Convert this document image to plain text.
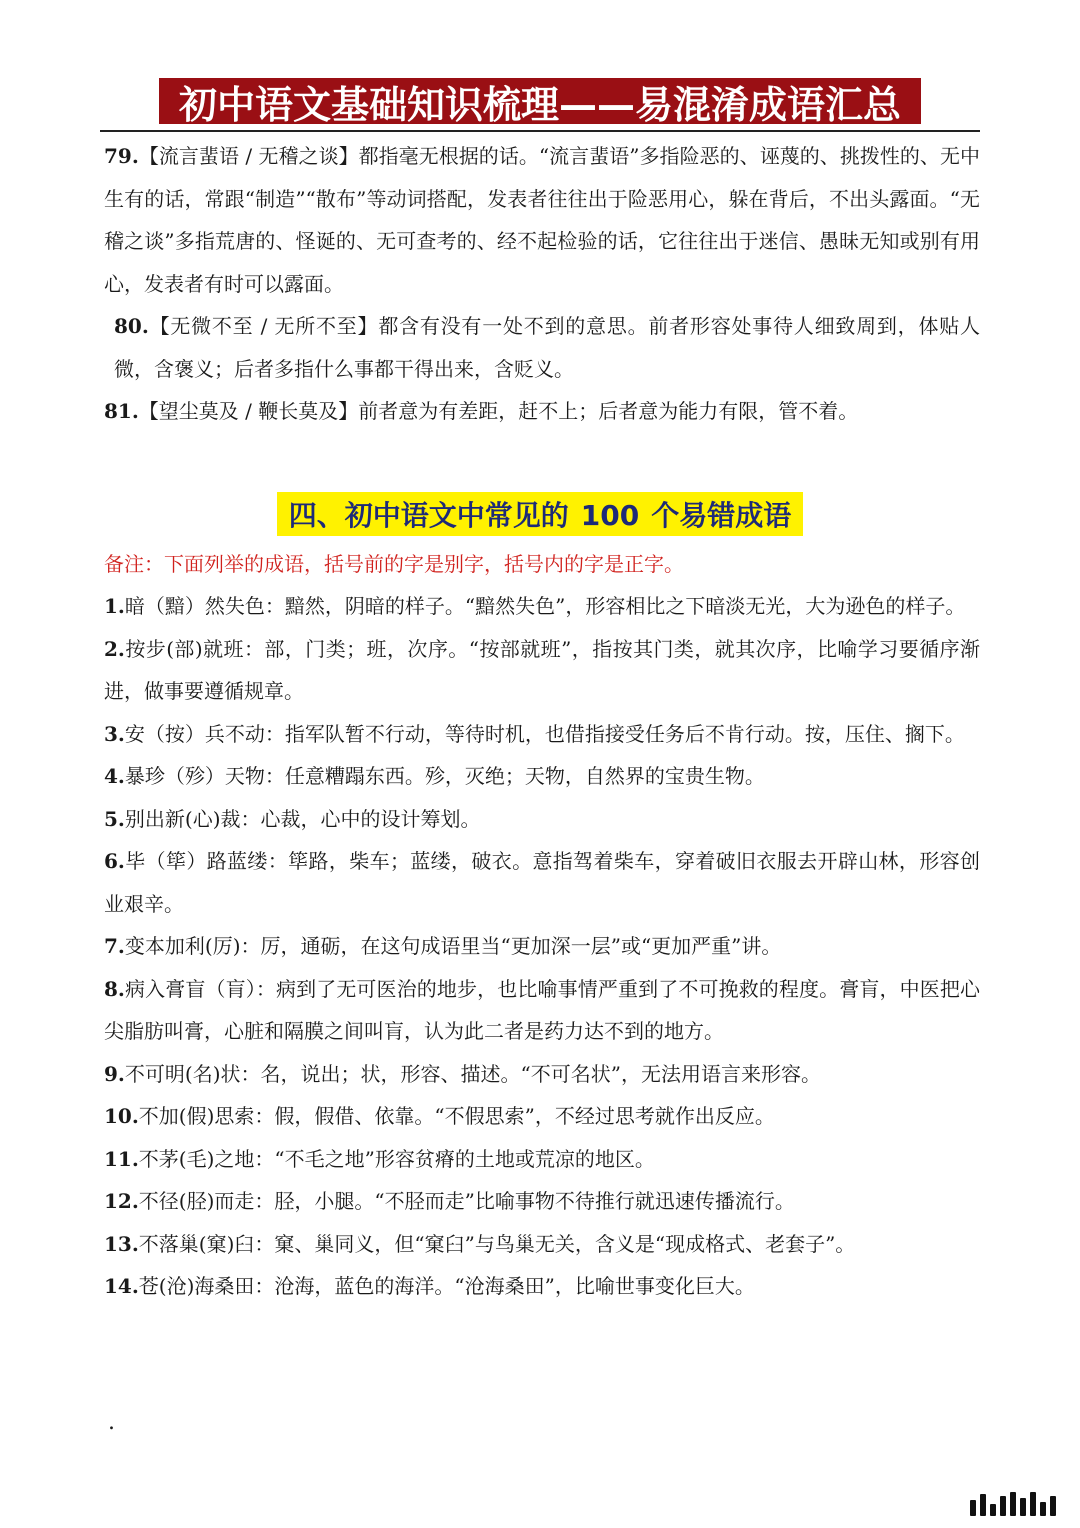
初中语文基础知识梳理——易混淆成语汇总

79.【流言蜚语 / 无稽之谈】都指毫无根据的话。“流言蜚语”多指险恶的、诬蔑的、挑拨性的、无中生有的话，常跟“制造”“散布”等动词搭配，发表者往往出于险恶用心，躲在背后，不出头露面。“无稽之谈”多指荒唐的、怪诞的、无可查考的、经不起检验的话，它往往出于迷信、愚昧无知或别有用心，发表者有时可以露面。

80.【无微不至 / 无所不至】都含有没有一处不到的意思。前者形容处事待人细致周到，体贴人微，含褒义；后者多指什么事都干得出来，含贬义。

81.【望尘莫及 / 鞭长莫及】前者意为有差距，赶不上；后者意为能力有限，管不着。

四、初中语文中常见的 100 个易错成语
备注：下面列举的成语，括号前的字是别字，括号内的字是正字。

1.暗（黯）然失色：黯然，阴暗的样子。“黯然失色”，形容相比之下暗淡无光，大为逊色的样子。

2.按步(部)就班：部，门类；班，次序。“按部就班”，指按其门类，就其次序，比喻学习要循序渐进，做事要遵循规章。

3.安（按）兵不动：指军队暂不行动，等待时机，也借指接受任务后不肯行动。按，压住、搁下。

4.暴珍（殄）天物：任意糟蹋东西。殄，灭绝；天物，自然界的宝贵生物。

5.别出新(心)裁：心裁，心中的设计筹划。

6.毕（筚）路蓝缕：筚路，柴车；蓝缕，破衣。意指驾着柴车，穿着破旧衣服去开辟山林，形容创业艰辛。

7.变本加利(厉)：厉，通砺，在这句成语里当“更加深一层”或“更加严重”讲。

8.病入膏盲（肓）：病到了无可医治的地步，也比喻事情严重到了不可挽救的程度。膏肓，中医把心尖脂肪叫膏，心脏和隔膜之间叫肓，认为此二者是药力达不到的地方。

9.不可明(名)状：名，说出；状，形容、描述。“不可名状”，无法用语言来形容。

10.不加(假)思索：假，假借、依靠。“不假思索”，不经过思考就作出反应。

11.不茅(毛)之地：“不毛之地”形容贫瘠的土地或荒凉的地区。

12.不径(胫)而走：胫，小腿。“不胫而走”比喻事物不待推行就迅速传播流行。

13.不落巢(窠)臼：窠、巢同义，但“窠臼”与鸟巢无关，含义是“现成格式、老套子”。

14.苍(沧)海桑田：沧海，蓝色的海洋。“沧海桑田”，比喻世事变化巨大。

.
